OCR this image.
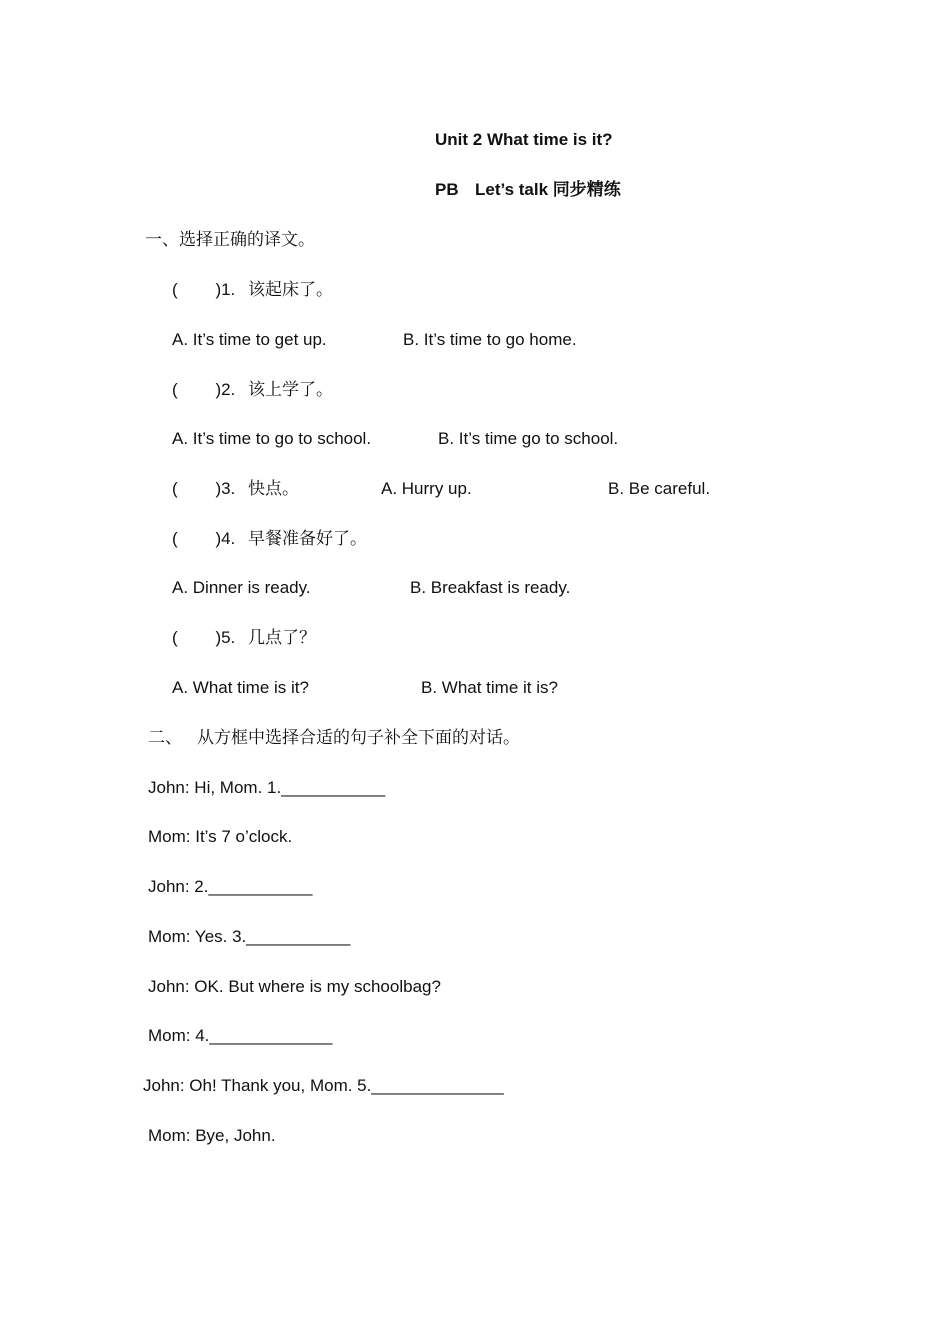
Unit 2 What time is it?
PB Let’s talk 同步精练
一、选择正确的译文。
(        )1. 该起床了。
A. It’s time to get up.	B. It’s time to go home.
(        )2. 该上学了。
A. It’s time to go to school.	B. It’s time go to school.
(        )3. 快点。	A. Hurry up.	B. Be careful.
(        )4. 早餐准备好了。
A. Dinner is ready.	B. Breakfast is ready.
(        )5. 几点了？
A. What time is it?	B. What time it is?
二、 从方框中选择合适的句子补全下面的对话。
John: Hi, Mom. 1.___________
Mom: It’s 7 o’clock.
John: 2.___________
Mom: Yes. 3.___________
John: OK. But where is my schoolbag?
Mom: 4._____________
John: Oh! Thank you, Mom. 5.______________
Mom: Bye, John.
